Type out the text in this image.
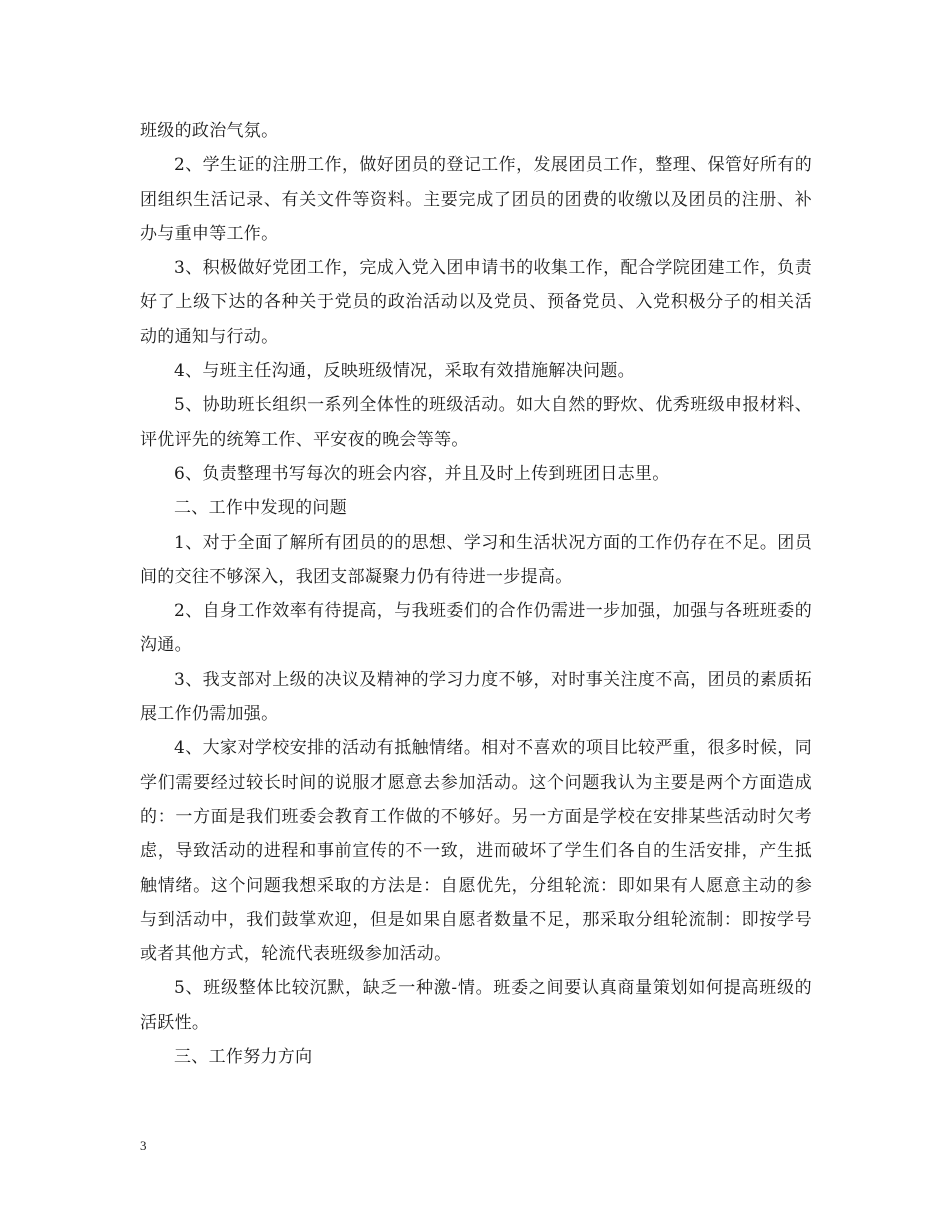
班级的政治气氛。

2、学生证的注册工作，做好团员的登记工作，发展团员工作，整理、保管好所有的团组织生活记录、有关文件等资料。主要完成了团员的团费的收缴以及团员的注册、补办与重申等工作。

3、积极做好党团工作，完成入党入团申请书的收集工作，配合学院团建工作，负责好了上级下达的各种关于党员的政治活动以及党员、预备党员、入党积极分子的相关活动的通知与行动。

4、与班主任沟通，反映班级情况，采取有效措施解决问题。

5、协助班长组织一系列全体性的班级活动。如大自然的野炊、优秀班级申报材料、评优评先的统筹工作、平安夜的晚会等等。

6、负责整理书写每次的班会内容，并且及时上传到班团日志里。

二、工作中发现的问题

1、对于全面了解所有团员的的思想、学习和生活状况方面的工作仍存在不足。团员间的交往不够深入，我团支部凝聚力仍有待进一步提高。

2、自身工作效率有待提高，与我班委们的合作仍需进一步加强，加强与各班班委的沟通。

3、我支部对上级的决议及精神的学习力度不够，对时事关注度不高，团员的素质拓展工作仍需加强。

4、大家对学校安排的活动有抵触情绪。相对不喜欢的项目比较严重，很多时候，同学们需要经过较长时间的说服才愿意去参加活动。这个问题我认为主要是两个方面造成的：一方面是我们班委会教育工作做的不够好。另一方面是学校在安排某些活动时欠考虑，导致活动的进程和事前宣传的不一致，进而破坏了学生们各自的生活安排，产生抵触情绪。这个问题我想采取的方法是：自愿优先，分组轮流：即如果有人愿意主动的参与到活动中，我们鼓掌欢迎，但是如果自愿者数量不足，那采取分组轮流制：即按学号或者其他方式，轮流代表班级参加活动。

5、班级整体比较沉默，缺乏一种激-情。班委之间要认真商量策划如何提高班级的活跃性。

三、工作努力方向

3
